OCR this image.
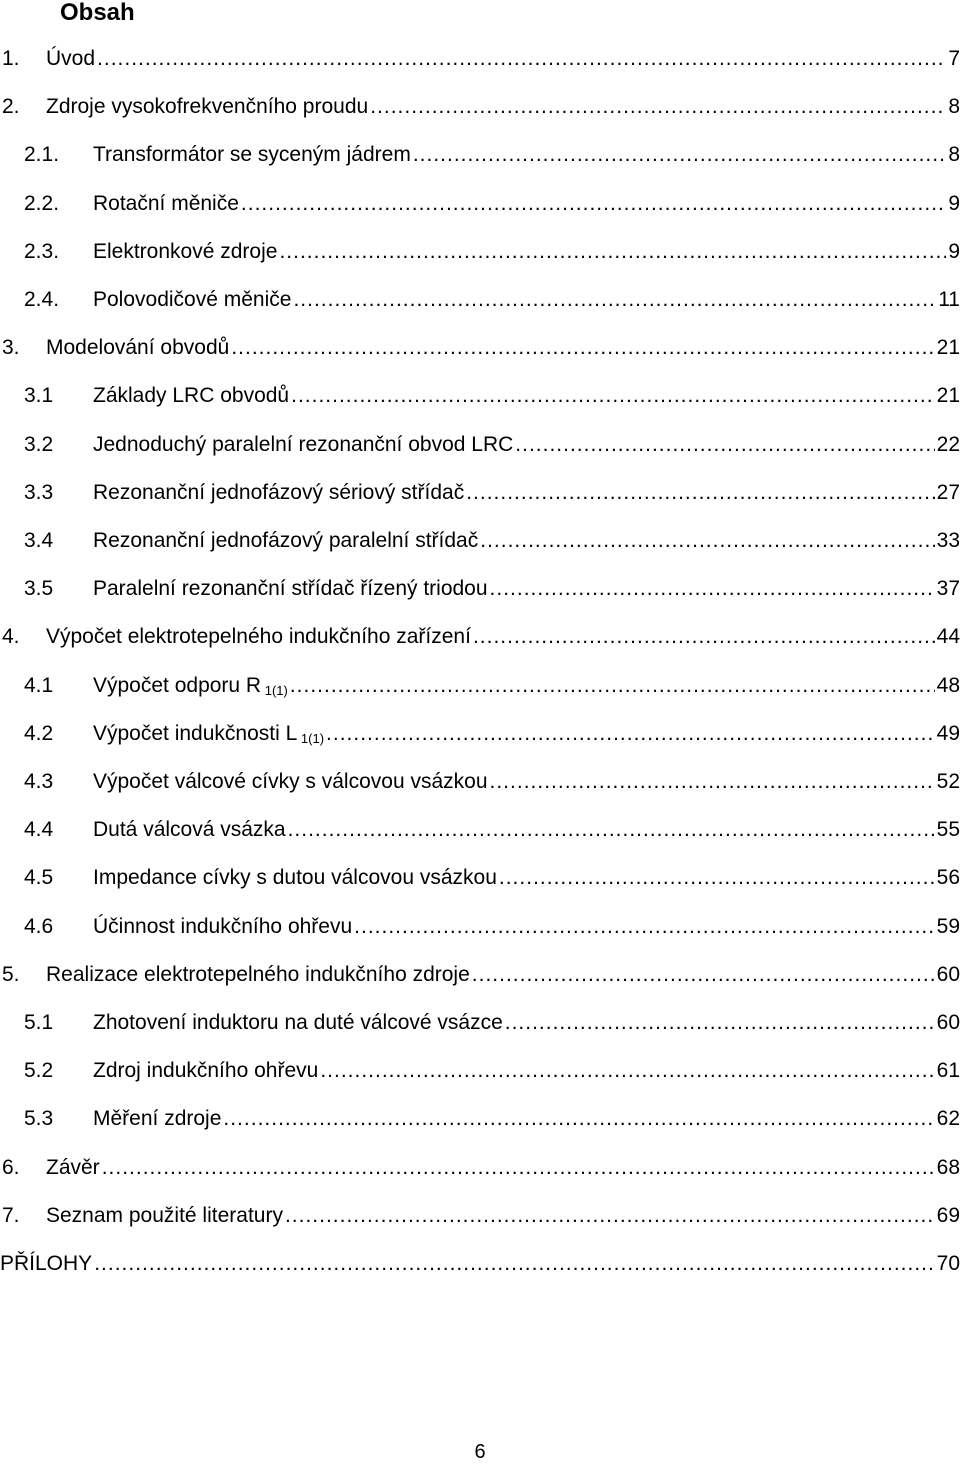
Obsah
1.	Úvod .....	7
2.	Zdroje vysokofrekvenčního proudu .....	8
2.1.	Transformátor se syceným jádrem .....	8
2.2.	Rotační měniče .....	9
2.3.	Elektronkové zdroje .....	9
2.4.	Polovodičové měniče .....	11
3.	Modelování obvodů .....	21
3.1	Základy LRC obvodů .....	21
3.2	Jednoduchý paralelní rezonanční obvod LRC .....	22
3.3	Rezonanční jednofázový sériový střídač .....	27
3.4	Rezonanční jednofázový paralelní střídač .....	33
3.5	Paralelní rezonanční střídač řízený triodou .....	37
4.	Výpočet elektrotepelného indukčního zařízení .....	44
4.1	Výpočet odporu R $_{1(1)}$ .....	48
4.2	Výpočet indukčnosti L $_{1(1)}$ .....	49
4.3	Výpočet válcové cívky s válcovou vsázkou .....	52
4.4	Dutá válcová vsázka .....	55
4.5	Impedance cívky s dutou válcovou vsázkou .....	56
4.6	Účinnost indukčního ohřevu .....	59
5.	Realizace elektrotepelného indukčního zdroje .....	60
5.1	Zhotovení induktoru na duté válcové vsázce .....	60
5.2	Zdroj indukčního ohřevu .....	61
5.3	Měření zdroje .....	62
6.	Závěr .....	68
7.	Seznam použité literatury .....	69
PŘÍLOHY .....	70
6
